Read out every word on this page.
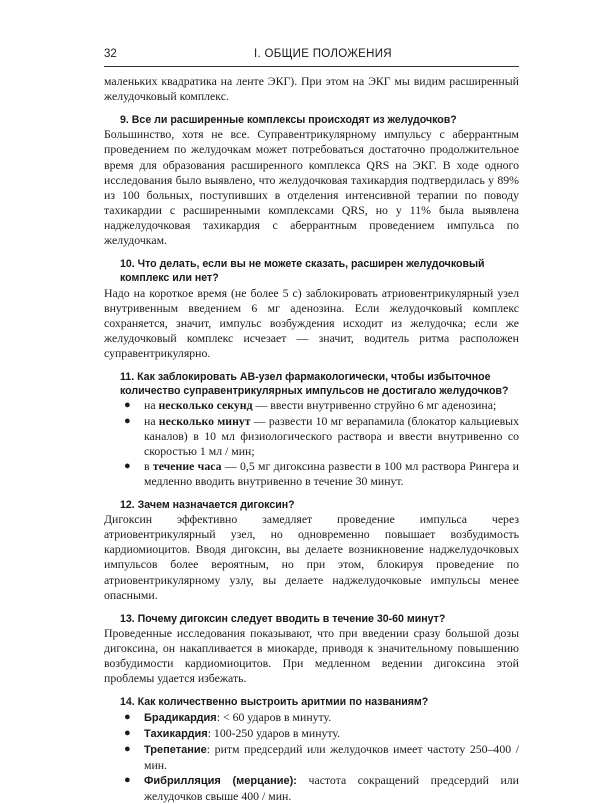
32	I. ОБЩИЕ ПОЛОЖЕНИЯ

маленьких квадратика на ленте ЭКГ). При этом на ЭКГ мы видим расширенный желудочковый комплекс.

9. Все ли расширенные комплексы происходят из желудочков?

Большинство, хотя не все. Суправентрикулярному импульсу с аберрантным проведением по желудочкам может потребоваться достаточно продолжительное время для образования расширенного комплекса QRS на ЭКГ. В ходе одного исследования было выявлено, что желудочковая тахикардия подтвердилась у 89% из 100 больных, поступивших в отделения интенсивной терапии по поводу тахикардии с расширенными комплексами QRS, но у 11% была выявлена наджелудочковая тахикардия с аберрантным проведением импульса по желудочкам.

10. Что делать, если вы не можете сказать, расширен желудочковый комплекс или нет?

Надо на короткое время (не более 5 с) заблокировать атриовентрикулярный узел внутривенным введением 6 мг аденозина. Если желудочковый комплекс сохраняется, значит, импульс возбуждения исходит из желудочка; если же желудочковый комплекс исчезает — значит, водитель ритма расположен суправентрикулярно.

11. Как заблокировать АВ-узел фармакологически, чтобы избыточное количество суправентрикулярных импульсов не достигало желудочков?

● на несколько секунд — ввести внутривенно струйно 6 мг аденозина;
● на несколько минут — развести 10 мг верапамила (блокатор кальциевых каналов) в 10 мл физиологического раствора и ввести внутривенно со скоростью 1 мл / мин;
● в течение часа — 0,5 мг дигоксина развести в 100 мл раствора Рингера и медленно вводить внутривенно в течение 30 минут.

12. Зачем назначается дигоксин?

Дигоксин эффективно замедляет проведение импульса через атриовентрикулярный узел, но одновременно повышает возбудимость кардиомиоцитов. Вводя дигоксин, вы делаете возникновение наджелудочковых импульсов более вероятным, но при этом, блокируя проведение по атриовентрикулярному узлу, вы делаете наджелудочковые импульсы менее опасными.

13. Почему дигоксин следует вводить в течение 30-60 минут?

Проведенные исследования показывают, что при введении сразу большой дозы дигоксина, он накапливается в миокарде, приводя к значительному повышению возбудимости кардиомиоцитов. При медленном ведении дигоксина этой проблемы удается избежать.

14. Как количественно выстроить аритмии по названиям?

● Брадикардия: < 60 ударов в минуту.
● Тахикардия: 100-250 ударов в минуту.
● Трепетание: ритм предсердий или желудочков имеет частоту 250–400 / мин.
● Фибрилляция (мерцание): частота сокращений предсердий или желудочков свыше 400 / мин.
